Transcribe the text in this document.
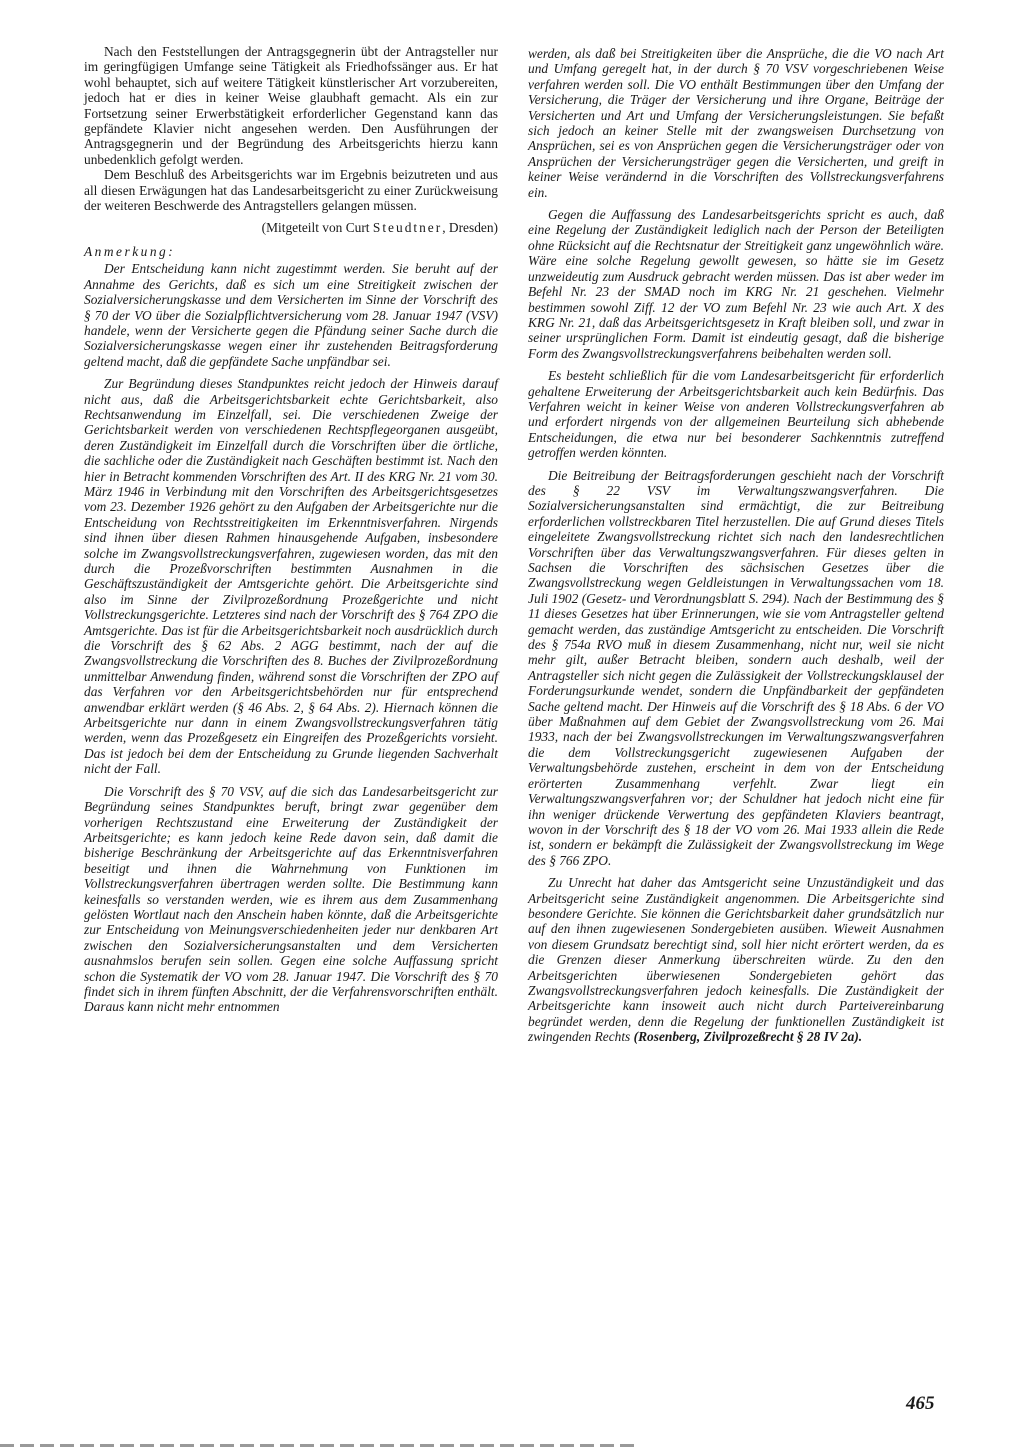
Nach den Feststellungen der Antragsgegnerin übt der Antragsteller nur im geringfügigen Umfange seine Tätigkeit als Friedhofssänger aus. Er hat wohl behauptet, sich auf weitere Tätigkeit künstlerischer Art vorzubereiten, jedoch hat er dies in keiner Weise glaubhaft gemacht. Als ein zur Fortsetzung seiner Erwerbstätigkeit erforderlicher Gegenstand kann das gepfändete Klavier nicht angesehen werden. Den Ausführungen der Antragsgegnerin und der Begründung des Arbeitsgerichts hierzu kann unbedenklich gefolgt werden.

Dem Beschluß des Arbeitsgerichts war im Ergebnis beizutreten und aus all diesen Erwägungen hat das Landesarbeitsgericht zu einer Zurückweisung der weiteren Beschwerde des Antragstellers gelangen müssen.

(Mitgeteilt von Curt Steudtner, Dresden)

Anmerkung:

Der Entscheidung kann nicht zugestimmt werden. Sie beruht auf der Annahme des Gerichts, daß es sich um eine Streitigkeit zwischen der Sozialversicherungskasse und dem Versicherten im Sinne der Vorschrift des § 70 der VO über die Sozialpflichtversicherung vom 28. Januar 1947 (VSV) handele, wenn der Versicherte gegen die Pfändung seiner Sache durch die Sozialversicherungskasse wegen einer ihr zustehenden Beitragsforderung geltend macht, daß die gepfändete Sache unpfändbar sei.

Zur Begründung dieses Standpunktes reicht jedoch der Hinweis darauf nicht aus, daß die Arbeitsgerichtsbarkeit echte Gerichtsbarkeit, also Rechtsanwendung im Einzelfall, sei. Die verschiedenen Zweige der Gerichtsbarkeit werden von verschiedenen Rechtspflegeorganen ausgeübt, deren Zuständigkeit im Einzelfall durch die Vorschriften über die örtliche, die sachliche oder die Zuständigkeit nach Geschäften bestimmt ist. Nach den hier in Betracht kommenden Vorschriften des Art. II des KRG Nr. 21 vom 30. März 1946 in Verbindung mit den Vorschriften des Arbeitsgerichtsgesetzes vom 23. Dezember 1926 gehört zu den Aufgaben der Arbeitsgerichte nur die Entscheidung von Rechtsstreitigkeiten im Erkenntnisverfahren. Nirgends sind ihnen über diesen Rahmen hinausgehende Aufgaben, insbesondere solche im Zwangsvollstreckungsverfahren, zugewiesen worden, das mit den durch die Prozeßvorschriften bestimmten Ausnahmen in die Geschäftszuständigkeit der Amtsgerichte gehört. Die Arbeitsgerichte sind also im Sinne der Zivilprozeßordnung Prozeßgerichte und nicht Vollstreckungsgerichte. Letzteres sind nach der Vorschrift des § 764 ZPO die Amtsgerichte. Das ist für die Arbeitsgerichtsbarkeit noch ausdrücklich durch die Vorschrift des § 62 Abs. 2 AGG bestimmt, nach der auf die Zwangsvollstreckung die Vorschriften des 8. Buches der Zivilprozeßordnung unmittelbar Anwendung finden, während sonst die Vorschriften der ZPO auf das Verfahren vor den Arbeitsgerichtsbehörden nur für entsprechend anwendbar erklärt werden (§ 46 Abs. 2, § 64 Abs. 2). Hiernach können die Arbeitsgerichte nur dann in einem Zwangsvollstreckungsverfahren tätig werden, wenn das Prozeßgesetz ein Eingreifen des Prozeßgerichts vorsieht. Das ist jedoch bei dem der Entscheidung zu Grunde liegenden Sachverhalt nicht der Fall.

Die Vorschrift des § 70 VSV, auf die sich das Landesarbeitsgericht zur Begründung seines Standpunktes beruft, bringt zwar gegenüber dem vorherigen Rechtszustand eine Erweiterung der Zuständigkeit der Arbeitsgerichte; es kann jedoch keine Rede davon sein, daß damit die bisherige Beschränkung der Arbeitsgerichte auf das Erkenntnisverfahren beseitigt und ihnen die Wahrnehmung von Funktionen im Vollstreckungsverfahren übertragen werden sollte. Die Bestimmung kann keinesfalls so verstanden werden, wie es ihrem aus dem Zusammenhang gelösten Wortlaut nach den Anschein haben könnte, daß die Arbeitsgerichte zur Entscheidung von Meinungsverschiedenheiten jeder nur denkbaren Art zwischen den Sozialversicherungsanstalten und dem Versicherten ausnahmslos berufen sein sollen. Gegen eine solche Auffassung spricht schon die Systematik der VO vom 28. Januar 1947. Die Vorschrift des § 70 findet sich in ihrem fünften Abschnitt, der die Verfahrensvorschriften enthält. Daraus kann nicht mehr entnommen

werden, als daß bei Streitigkeiten über die Ansprüche, die die VO nach Art und Umfang geregelt hat, in der durch § 70 VSV vorgeschriebenen Weise verfahren werden soll. Die VO enthält Bestimmungen über den Umfang der Versicherung, die Träger der Versicherung und ihre Organe, Beiträge der Versicherten und Art und Umfang der Versicherungsleistungen. Sie befaßt sich jedoch an keiner Stelle mit der zwangsweisen Durchsetzung von Ansprüchen, sei es von Ansprüchen gegen die Versicherungsträger oder von Ansprüchen der Versicherungsträger gegen die Versicherten, und greift in keiner Weise verändernd in die Vorschriften des Vollstreckungsverfahrens ein.

Gegen die Auffassung des Landesarbeitsgerichts spricht es auch, daß eine Regelung der Zuständigkeit lediglich nach der Person der Beteiligten ohne Rücksicht auf die Rechtsnatur der Streitigkeit ganz ungewöhnlich wäre. Wäre eine solche Regelung gewollt gewesen, so hätte sie im Gesetz unzweideutig zum Ausdruck gebracht werden müssen. Das ist aber weder im Befehl Nr. 23 der SMAD noch im KRG Nr. 21 geschehen. Vielmehr bestimmen sowohl Ziff. 12 der VO zum Befehl Nr. 23 wie auch Art. X des KRG Nr. 21, daß das Arbeitsgerichtsgesetz in Kraft bleiben soll, und zwar in seiner ursprünglichen Form. Damit ist eindeutig gesagt, daß die bisherige Form des Zwangsvollstreckungsverfahrens beibehalten werden soll.

Es besteht schließlich für die vom Landesarbeitsgericht für erforderlich gehaltene Erweiterung der Arbeitsgerichtsbarkeit auch kein Bedürfnis. Das Verfahren weicht in keiner Weise von anderen Vollstreckungsverfahren ab und erfordert nirgends von der allgemeinen Beurteilung sich abhebende Entscheidungen, die etwa nur bei besonderer Sachkenntnis zutreffend getroffen werden könnten.

Die Beitreibung der Beitragsforderungen geschieht nach der Vorschrift des § 22 VSV im Verwaltungszwangsverfahren. Die Sozialversicherungsanstalten sind ermächtigt, die zur Beitreibung erforderlichen vollstreckbaren Titel herzustellen. Die auf Grund dieses Titels eingeleitete Zwangsvollstreckung richtet sich nach den landesrechtlichen Vorschriften über das Verwaltungszwangsverfahren. Für dieses gelten in Sachsen die Vorschriften des sächsischen Gesetzes über die Zwangsvollstreckung wegen Geldleistungen in Verwaltungssachen vom 18. Juli 1902 (Gesetz- und Verordnungsblatt S. 294). Nach der Bestimmung des § 11 dieses Gesetzes hat über Erinnerungen, wie sie vom Antragsteller geltend gemacht werden, das zuständige Amtsgericht zu entscheiden. Die Vorschrift des § 754a RVO muß in diesem Zusammenhang, nicht nur, weil sie nicht mehr gilt, außer Betracht bleiben, sondern auch deshalb, weil der Antragsteller sich nicht gegen die Zulässigkeit der Vollstreckungsklausel der Forderungsurkunde wendet, sondern die Unpfändbarkeit der gepfändeten Sache geltend macht. Der Hinweis auf die Vorschrift des § 18 Abs. 6 der VO über Maßnahmen auf dem Gebiet der Zwangsvollstreckung vom 26. Mai 1933, nach der bei Zwangsvollstreckungen im Verwaltungszwangsverfahren die dem Vollstreckungsgericht zugewiesenen Aufgaben der Verwaltungsbehörde zustehen, erscheint in dem von der Entscheidung erörterten Zusammenhang verfehlt. Zwar liegt ein Verwaltungszwangsverfahren vor; der Schuldner hat jedoch nicht eine für ihn weniger drückende Verwertung des gepfändeten Klaviers beantragt, wovon in der Vorschrift des § 18 der VO vom 26. Mai 1933 allein die Rede ist, sondern er bekämpft die Zulässigkeit der Zwangsvollstreckung im Wege des § 766 ZPO.

Zu Unrecht hat daher das Amtsgericht seine Unzuständigkeit und das Arbeitsgericht seine Zuständigkeit angenommen. Die Arbeitsgerichte sind besondere Gerichte. Sie können die Gerichtsbarkeit daher grundsätzlich nur auf den ihnen zugewiesenen Sondergebieten ausüben. Wieweit Ausnahmen von diesem Grundsatz berechtigt sind, soll hier nicht erörtert werden, da es die Grenzen dieser Anmerkung überschreiten würde. Zu den den Arbeitsgerichten überwiesenen Sondergebieten gehört das Zwangsvollstreckungsverfahren jedoch keinesfalls. Die Zuständigkeit der Arbeitsgerichte kann insoweit auch nicht durch Parteivereinbarung begründet werden, denn die Regelung der funktionellen Zuständigkeit ist zwingenden Rechts (Rosenberg, Zivilprozeßrecht § 28 IV 2a).

465
